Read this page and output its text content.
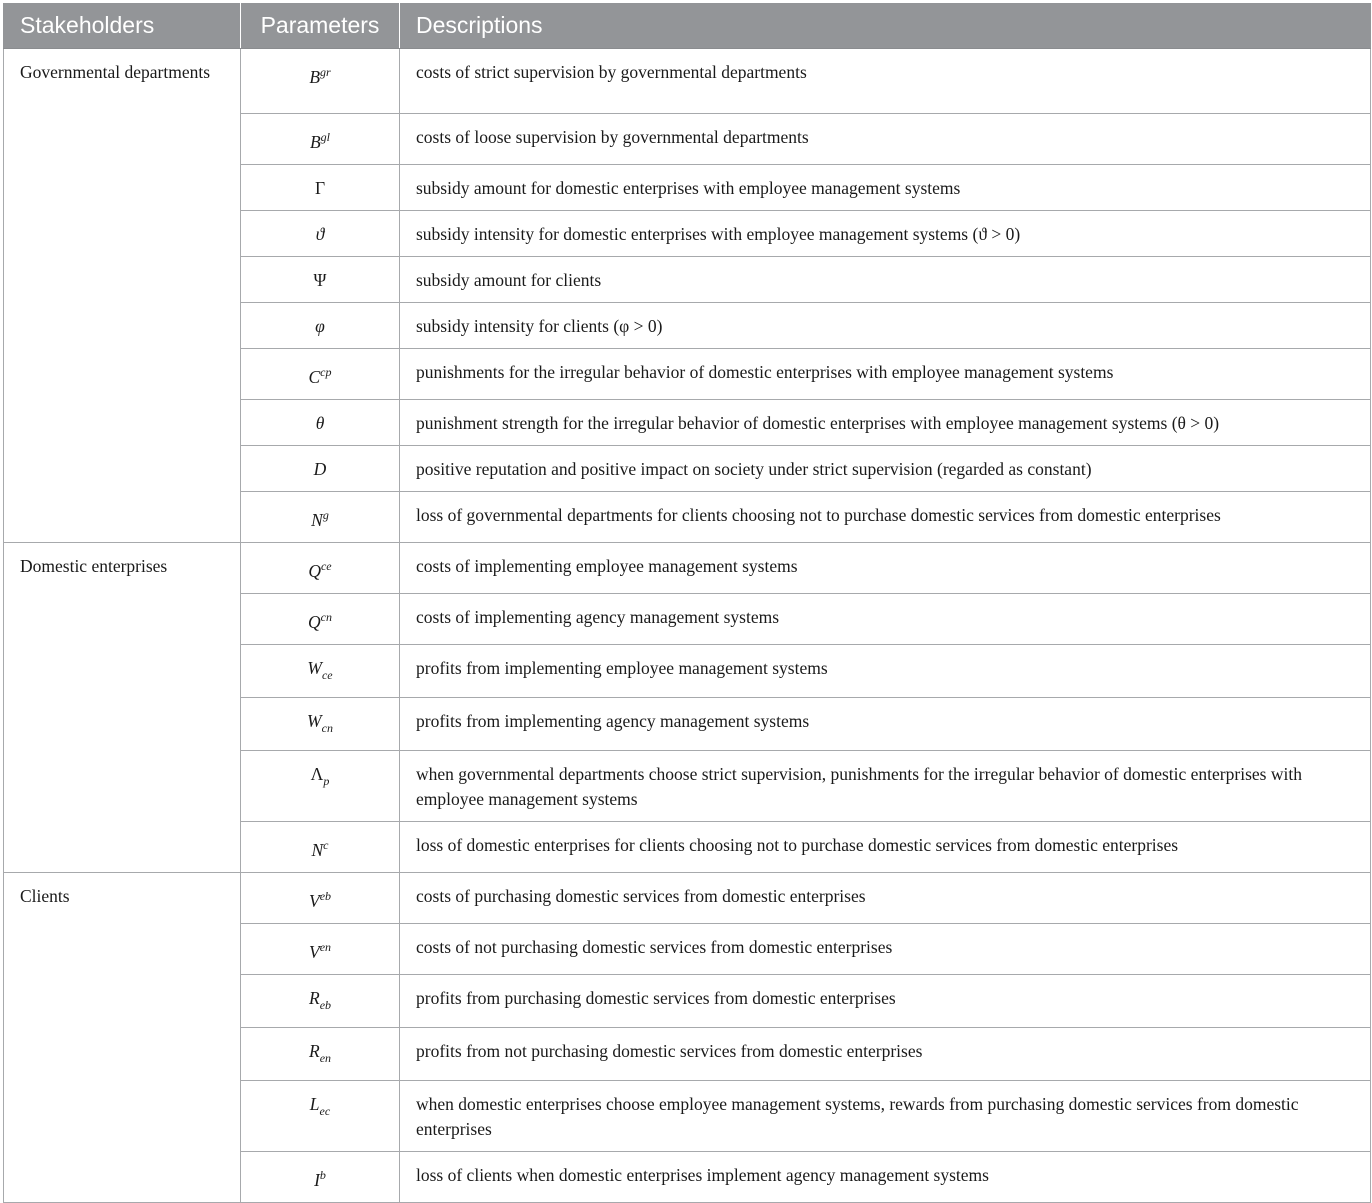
Stakeholders	Parameters	Descriptions
Governmental departments	$B^{gr}$	costs of strict supervision by governmental departments
	$B^{gl}$	costs of loose supervision by governmental departments
	Γ	subsidy amount for domestic enterprises with employee management systems
	ϑ	subsidy intensity for domestic enterprises with employee management systems (ϑ > 0)
	Ψ	subsidy amount for clients
	φ	subsidy intensity for clients (φ > 0)
	$C^{cp}$	punishments for the irregular behavior of domestic enterprises with employee management systems
	θ	punishment strength for the irregular behavior of domestic enterprises with employee management systems (θ > 0)
	D	positive reputation and positive impact on society under strict supervision (regarded as constant)
	$N^g$	loss of governmental departments for clients choosing not to purchase domestic services from domestic enterprises
Domestic enterprises	$Q^{ce}$	costs of implementing employee management systems
	$Q^{cn}$	costs of implementing agency management systems
	$W_{ce}$	profits from implementing employee management systems
	$W_{cn}$	profits from implementing agency management systems
	$\Lambda_p$	when governmental departments choose strict supervision, punishments for the irregular behavior of domestic enterprises with employee management systems
	$N^c$	loss of domestic enterprises for clients choosing not to purchase domestic services from domestic enterprises
Clients	$V^{eb}$	costs of purchasing domestic services from domestic enterprises
	$V^{en}$	costs of not purchasing domestic services from domestic enterprises
	$R_{eb}$	profits from purchasing domestic services from domestic enterprises
	$R_{en}$	profits from not purchasing domestic services from domestic enterprises
	$L_{ec}$	when domestic enterprises choose employee management systems, rewards from purchasing domestic services from domestic enterprises
	$I^b$	loss of clients when domestic enterprises implement agency management systems
